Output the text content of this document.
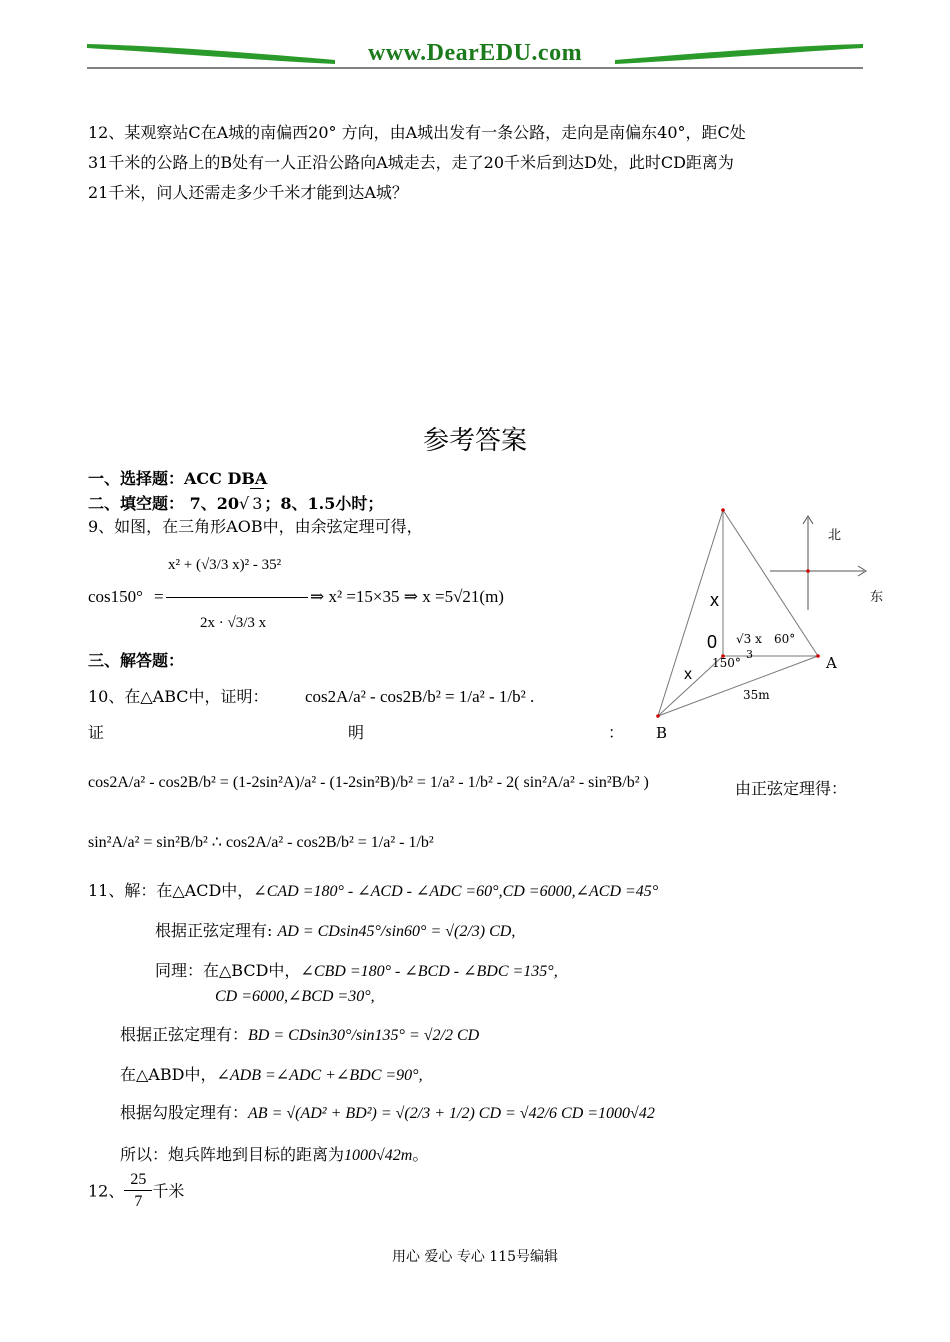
www.DearEDU.com
12、某观察站C在A城的南偏西20° 方向，由A城出发有一条公路，走向是南偏东40°，距C处
31千米的公路上的B处有一人正沿公路向A城走去，走了20千米后到达D处，此时CD距离为
21千米，问人还需走多少千米才能到达A城？
参考答案
一、选择题：ACC DBA
二、填空题： 7、20√ 3 ；8、1.5小时；
9、如图，在三角形AOB中，由余弦定理可得，
cos150° =
x² + (√3/3 x)² - 35²
2x · √3/3 x
⇒ x² =15×35 ⇒ x =5√21(m)
三、解答题：
10、在△ABC中，证明： cos2A/a² - cos2B/b² = 1/a² - 1/b² .
证	明	：
cos2A/a² - cos2B/b² = (1-2sin²A)/a² - (1-2sin²B)/b² = 1/a² - 1/b² - 2( sin²A/a² - sin²B/b² )	由正弦定理得：
sin²A/a² = sin²B/b² ∴ cos2A/a² - cos2B/b² = 1/a² - 1/b²
11、解：在△ACD中，∠CAD =180° - ∠ACD - ∠ADC =60°,CD =6000,∠ACD =45°
根据正弦定理有: AD = CDsin45°/sin60° = √(2/3) CD,
同理：在△BCD中，∠CBD =180° - ∠BCD - ∠BDC =135°,
CD =6000,∠BCD =30°,
根据正弦定理有：BD = CDsin30°/sin135° = √2/2 CD
在△ABD中，∠ADB =∠ADC +∠BDC =90°,
根据勾股定理有：AB = √(AD² + BD²) = √(2/3 + 1/2) CD = √42/6 CD =1000√42
所以：炮兵阵地到目标的距离为1000√42m。
12、 $\frac{25}{7}$ 千米
北
东
x
0 √3 x
3
60°
150°
x
A
B
35m
用心 爱心 专心 115号编辑
